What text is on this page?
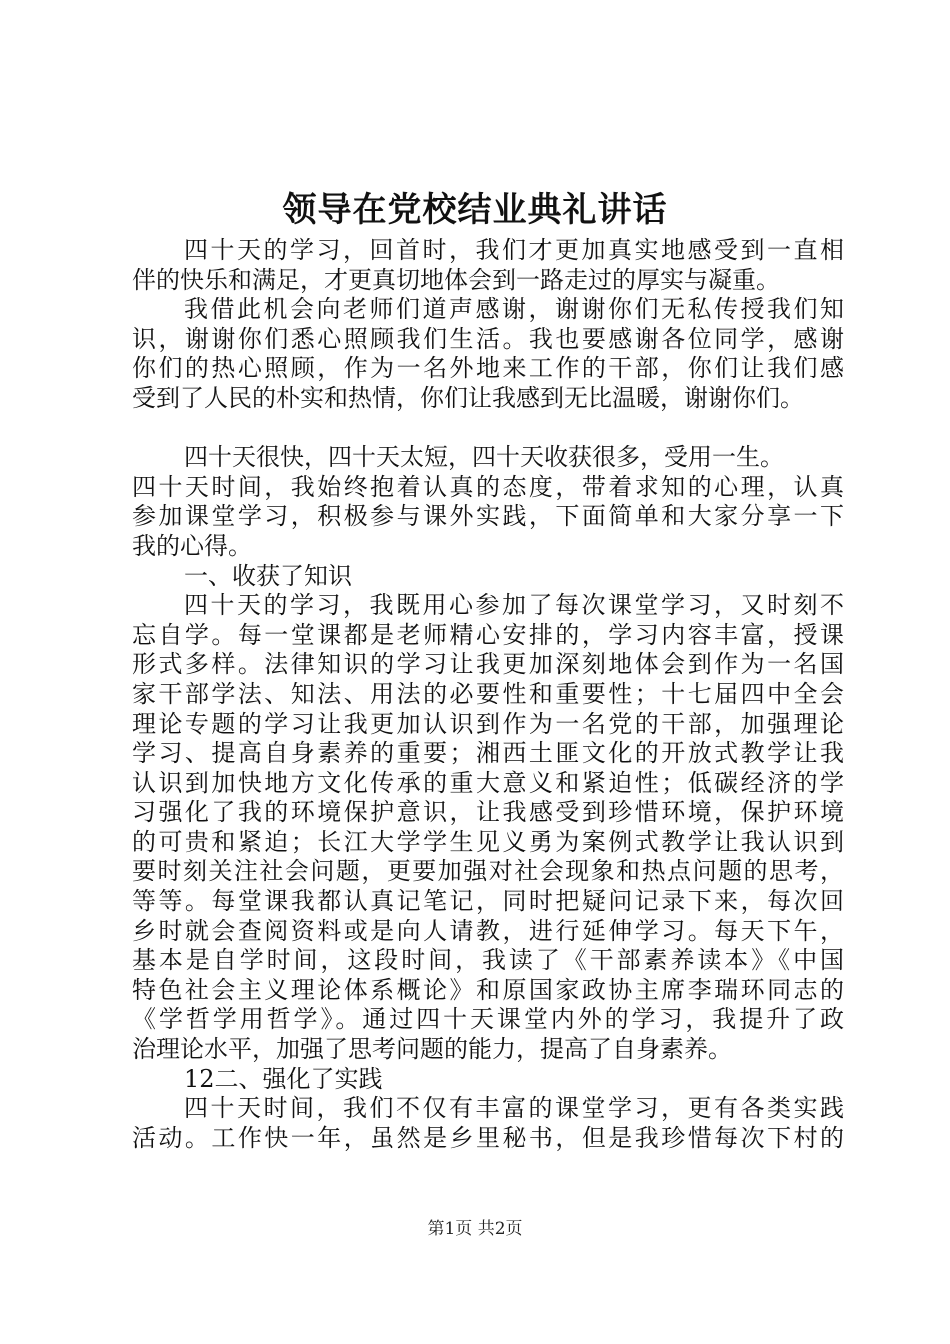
领导在党校结业典礼讲话
四十天的学习，回首时，我们才更加真实地感受到一直相
伴的快乐和满足，才更真切地体会到一路走过的厚实与凝重。
我借此机会向老师们道声感谢，谢谢你们无私传授我们知
识，谢谢你们悉心照顾我们生活。我也要感谢各位同学，感谢
你们的热心照顾，作为一名外地来工作的干部，你们让我们感
受到了人民的朴实和热情，你们让我感到无比温暖，谢谢你们。
四十天很快，四十天太短，四十天收获很多，受用一生。
四十天时间，我始终抱着认真的态度，带着求知的心理，认真
参加课堂学习，积极参与课外实践，下面简单和大家分享一下
我的心得。
一、收获了知识
四十天的学习，我既用心参加了每次课堂学习，又时刻不
忘自学。每一堂课都是老师精心安排的，学习内容丰富，授课
形式多样。法律知识的学习让我更加深刻地体会到作为一名国
家干部学法、知法、用法的必要性和重要性；十七届四中全会
理论专题的学习让我更加认识到作为一名党的干部，加强理论
学习、提高自身素养的重要；湘西土匪文化的开放式教学让我
认识到加快地方文化传承的重大意义和紧迫性；低碳经济的学
习强化了我的环境保护意识，让我感受到珍惜环境，保护环境
的可贵和紧迫；长江大学学生见义勇为案例式教学让我认识到
要时刻关注社会问题，更要加强对社会现象和热点问题的思考，
等等。每堂课我都认真记笔记，同时把疑问记录下来，每次回
乡时就会查阅资料或是向人请教，进行延伸学习。每天下午，
基本是自学时间，这段时间，我读了《干部素养读本》《中国
特色社会主义理论体系概论》和原国家政协主席李瑞环同志的
《学哲学用哲学》。通过四十天课堂内外的学习，我提升了政
治理论水平，加强了思考问题的能力，提高了自身素养。
12二、强化了实践
四十天时间，我们不仅有丰富的课堂学习，更有各类实践
活动。工作快一年，虽然是乡里秘书，但是我珍惜每次下村的
第1页 共2页
